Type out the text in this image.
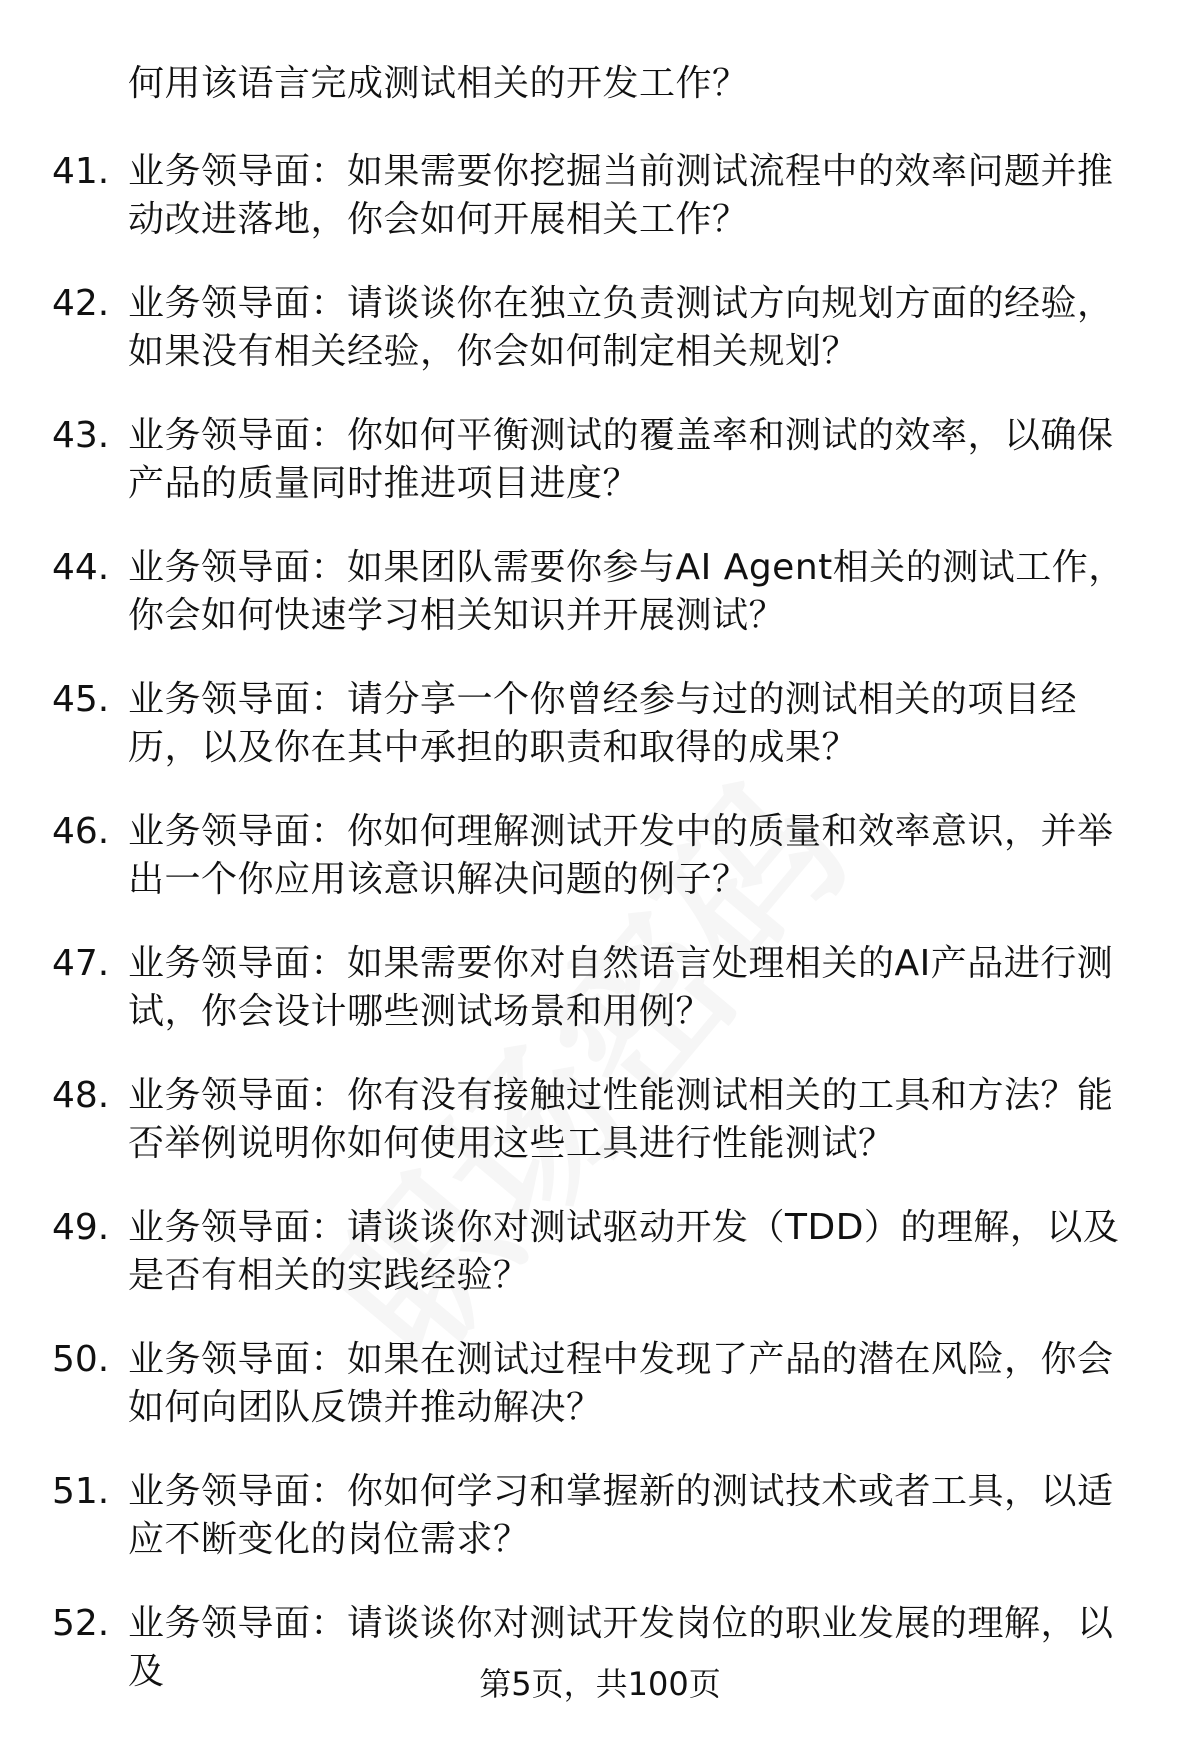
何用该语言完成测试相关的开发工作？
41. 业务领导面：如果需要你挖掘当前测试流程中的效率问题并推动改进落地，你会如何开展相关工作？
42. 业务领导面：请谈谈你在独立负责测试方向规划方面的经验，如果没有相关经验，你会如何制定相关规划？
43. 业务领导面：你如何平衡测试的覆盖率和测试的效率，以确保产品的质量同时推进项目进度？
44. 业务领导面：如果团队需要你参与AI Agent相关的测试工作，你会如何快速学习相关知识并开展测试？
45. 业务领导面：请分享一个你曾经参与过的测试相关的项目经历，以及你在其中承担的职责和取得的成果？
46. 业务领导面：你如何理解测试开发中的质量和效率意识，并举出一个你应用该意识解决问题的例子？
47. 业务领导面：如果需要你对自然语言处理相关的AI产品进行测试，你会设计哪些测试场景和用例？
48. 业务领导面：你有没有接触过性能测试相关的工具和方法？能否举例说明你如何使用这些工具进行性能测试？
49. 业务领导面：请谈谈你对测试驱动开发（TDD）的理解，以及是否有相关的实践经验？
50. 业务领导面：如果在测试过程中发现了产品的潜在风险，你会如何向团队反馈并推动解决？
51. 业务领导面：你如何学习和掌握新的测试技术或者工具，以适应不断变化的岗位需求？
52. 业务领导面：请谈谈你对测试开发岗位的职业发展的理解，以及	第5页，共100页
